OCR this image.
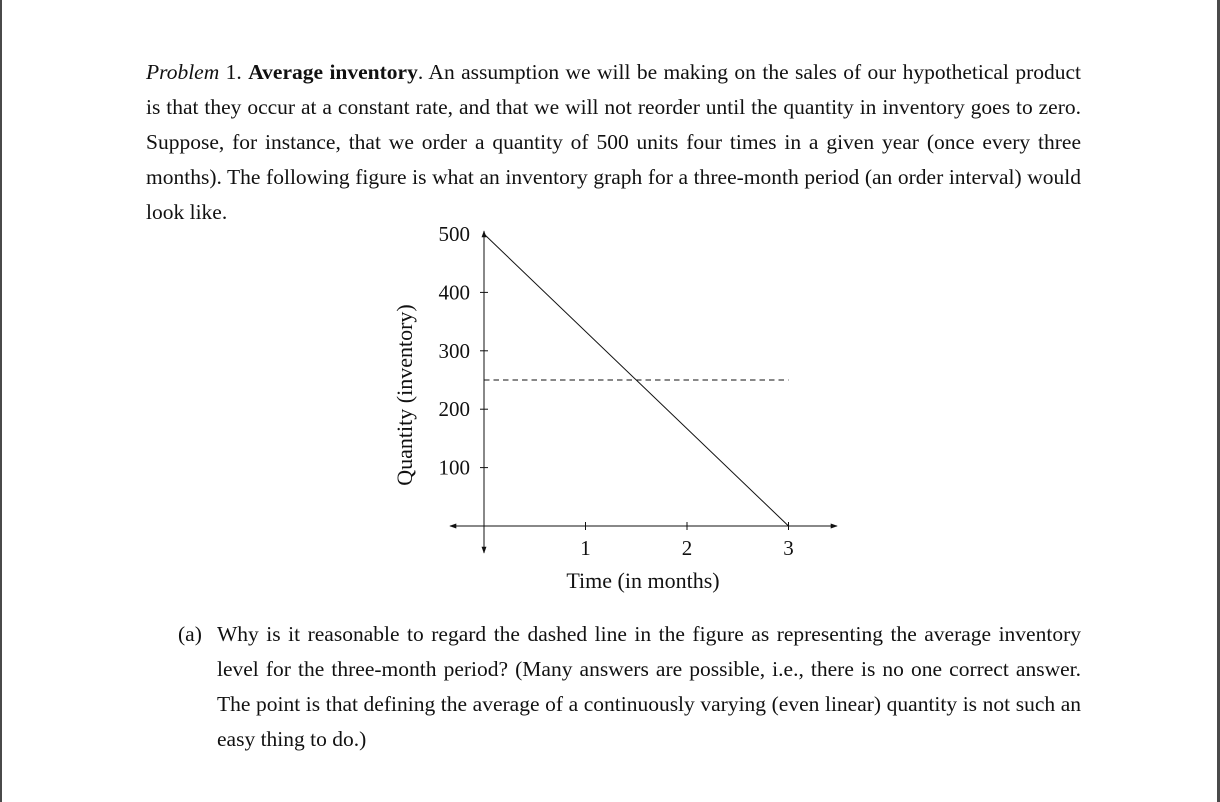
Problem 1. Average inventory. An assumption we will be making on the sales of our hypothetical product is that they occur at a constant rate, and that we will not reorder until the quantity in inventory goes to zero. Suppose, for instance, that we order a quantity of 500 units four times in a given year (once every three months). The following figure is what an inventory graph for a three-month period (an order interval) would look like.

100
200
300
400
500
1	2	3
Time (in months)
Quantity (inventory)
(a) Why is it reasonable to regard the dashed line in the figure as representing the average inventory level for the three-month period? (Many answers are possible, i.e., there is no one correct answer. The point is that defining the average of a continuously varying (even linear) quantity is not such an easy thing to do.)
